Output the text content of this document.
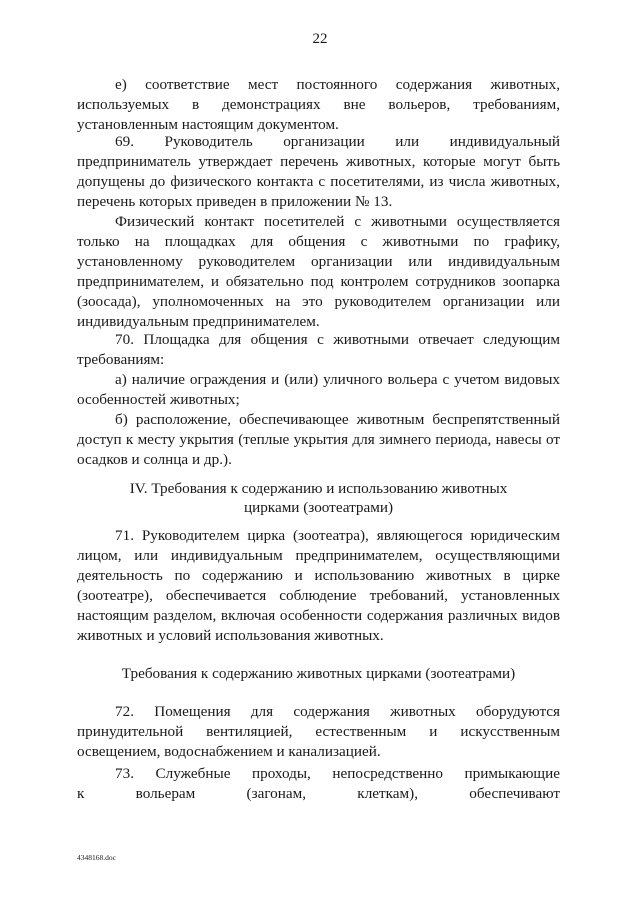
22
е) соответствие мест постоянного содержания животных,
используемых в демонстрациях вне вольеров, требованиям,
установленным настоящим документом.
69. Руководитель организации или индивидуальный
предприниматель утверждает перечень животных, которые могут быть
допущены до физического контакта с посетителями, из числа животных,
перечень которых приведен в приложении № 13.
Физический контакт посетителей с животными осуществляется
только на площадках для общения с животными по графику,
установленному руководителем организации или индивидуальным
предпринимателем, и обязательно под контролем сотрудников зоопарка
(зоосада), уполномоченных на это руководителем организации или
индивидуальным предпринимателем.
70. Площадка для общения с животными отвечает следующим
требованиям:
а) наличие ограждения и (или) уличного вольера с учетом видовых
особенностей животных;
б) расположение, обеспечивающее животным беспрепятственный
доступ к месту укрытия (теплые укрытия для зимнего периода, навесы от
осадков и солнца и др.).
IV. Требования к содержанию и использованию животных
цирками (зоотеатрами)
71. Руководителем цирка (зоотеатра), являющегося юридическим
лицом, или индивидуальным предпринимателем, осуществляющими
деятельность по содержанию и использованию животных в цирке
(зоотеатре), обеспечивается соблюдение требований, установленных
настоящим разделом, включая особенности содержания различных видов
животных и условий использования животных.
Требования к содержанию животных цирками (зоотеатрами)
72. Помещения для содержания животных оборудуются
принудительной вентиляцией, естественным и искусственным
освещением, водоснабжением и канализацией.
73. Служебные проходы, непосредственно примыкающие
к вольерам (загонам, клеткам), обеспечивают
4348168.doc
